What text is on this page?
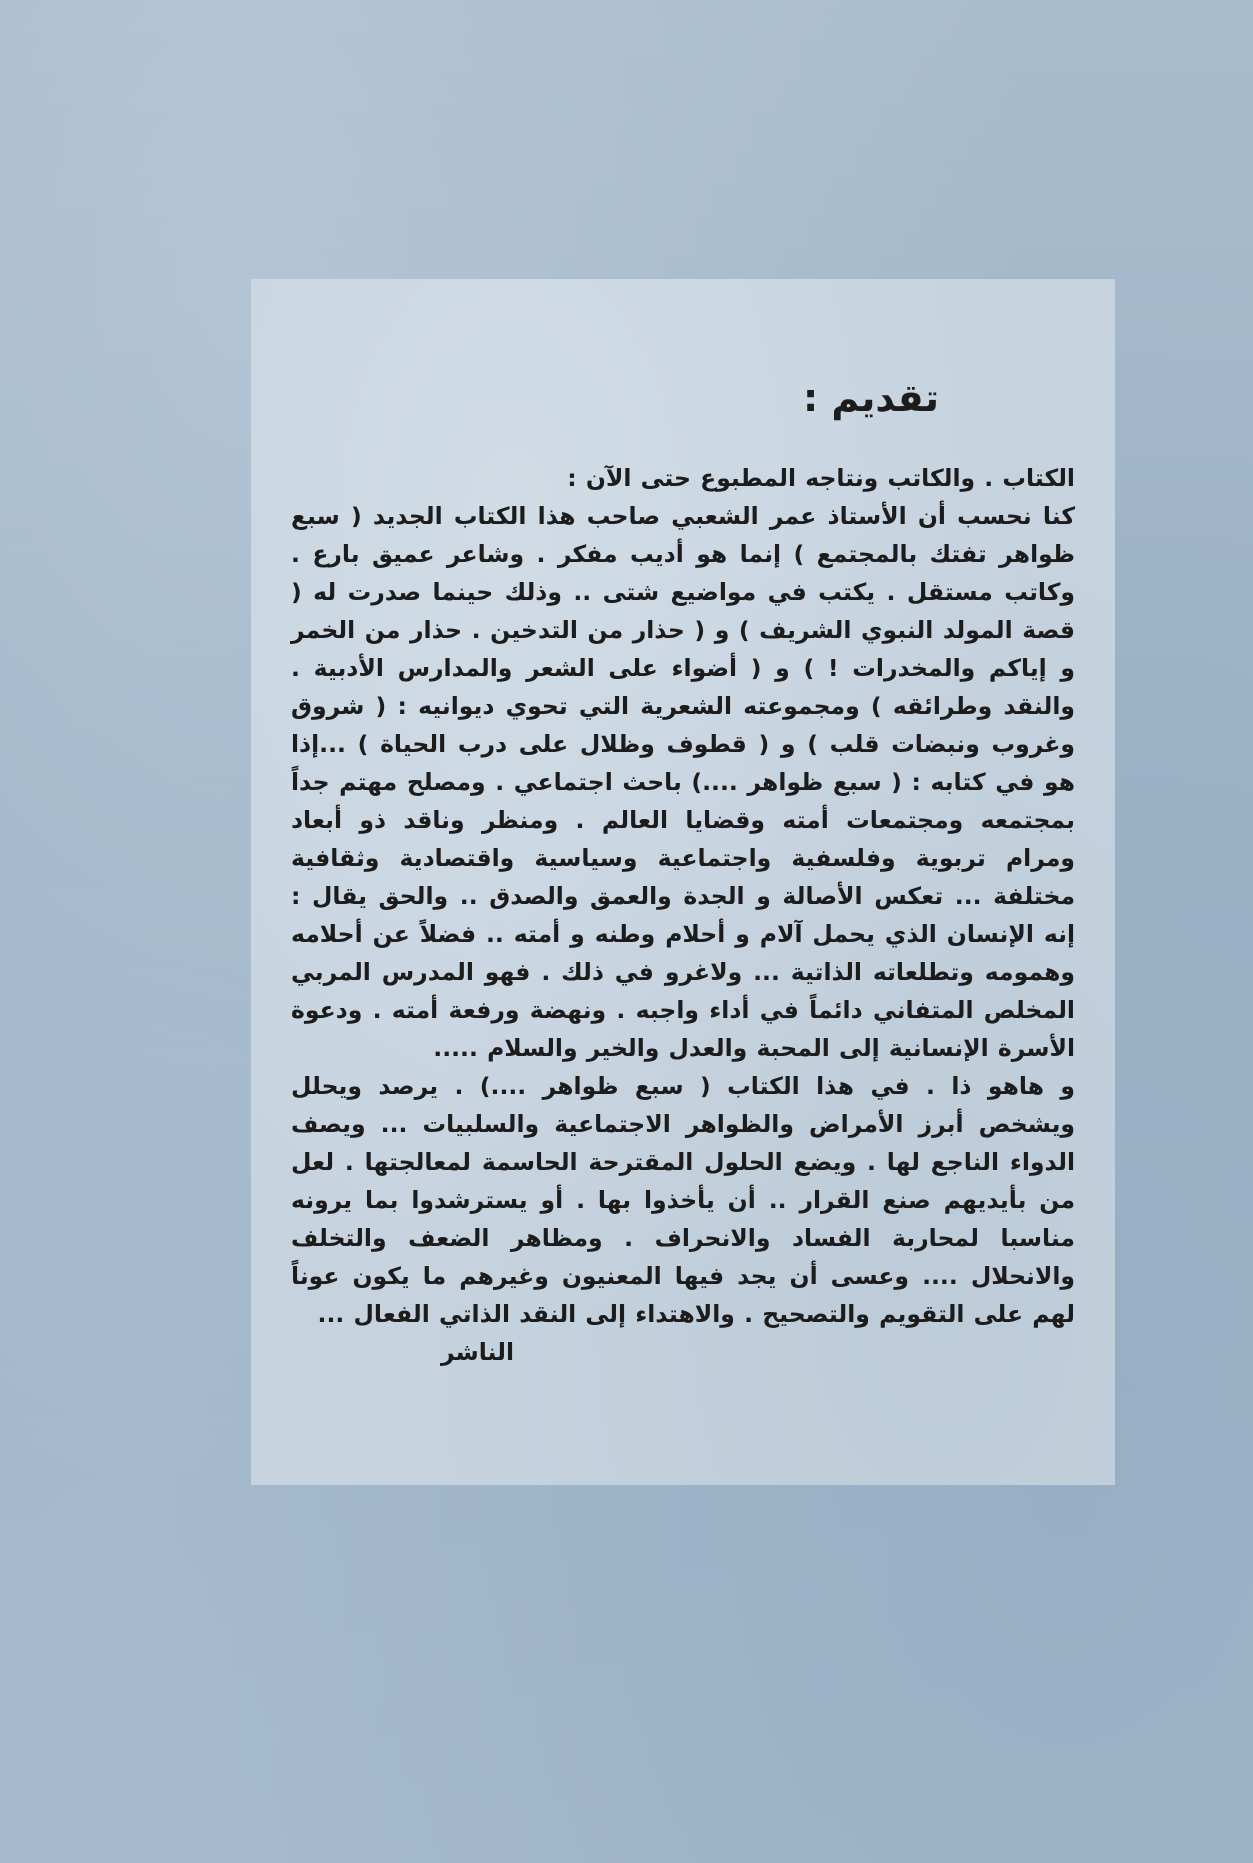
تقديم :

الكتاب . والكاتب ونتاجه المطبوع حتى الآن :

كنا نحسب أن الأستاذ عمر الشعبي صاحب هذا الكتاب الجديد ( سبع ظواهر تفتك بالمجتمع ) إنما هو أديب مفكر . وشاعر عميق بارع . وكاتب مستقل . يكتب في مواضيع شتى .. وذلك حينما صدرت له ( قصة المولد النبوي الشريف ) و ( حذار من التدخين . حذار من الخمر و إياكم والمخدرات ! ) و ( أضواء على الشعر والمدارس الأدبية . والنقد وطرائقه ) ومجموعته الشعرية التي تحوي ديوانيه : ( شروق وغروب ونبضات قلب ) و ( قطوف وظلال على درب الحياة ) ...إذا هو في كتابه : ( سبع ظواهر ....) باحث اجتماعي . ومصلح مهتم جداً بمجتمعه ومجتمعات أمته وقضايا العالم . ومنظر وناقد ذو أبعاد ومرام تربوية وفلسفية واجتماعية وسياسية واقتصادية وثقافية مختلفة ... تعكس الأصالة و الجدة والعمق والصدق .. والحق يقال : إنه الإنسان الذي يحمل آلام و أحلام وطنه و أمته .. فضلاً عن أحلامه وهمومه وتطلعاته الذاتية ... ولاغرو في ذلك . فهو المدرس المربي المخلص المتفاني دائماً في أداء واجبه . ونهضة ورفعة أمته . ودعوة الأسرة الإنسانية إلى المحبة والعدل والخير والسلام .....

و هاهو ذا . في هذا الكتاب ( سبع ظواهر ....) . يرصد ويحلل ويشخص أبرز الأمراض والظواهر الاجتماعية والسلبيات ... ويصف الدواء الناجع لها . ويضع الحلول المقترحة الحاسمة لمعالجتها . لعل من بأيديهم صنع القرار .. أن يأخذوا بها . أو يسترشدوا بما يرونه مناسبا لمحاربة الفساد والانحراف . ومظاهر الضعف والتخلف والانحلال .... وعسى أن يجد فيها المعنيون وغيرهم ما يكون عوناً لهم على التقويم والتصحيح . والاهتداء إلى النقد الذاتي الفعال ...

الناشر
